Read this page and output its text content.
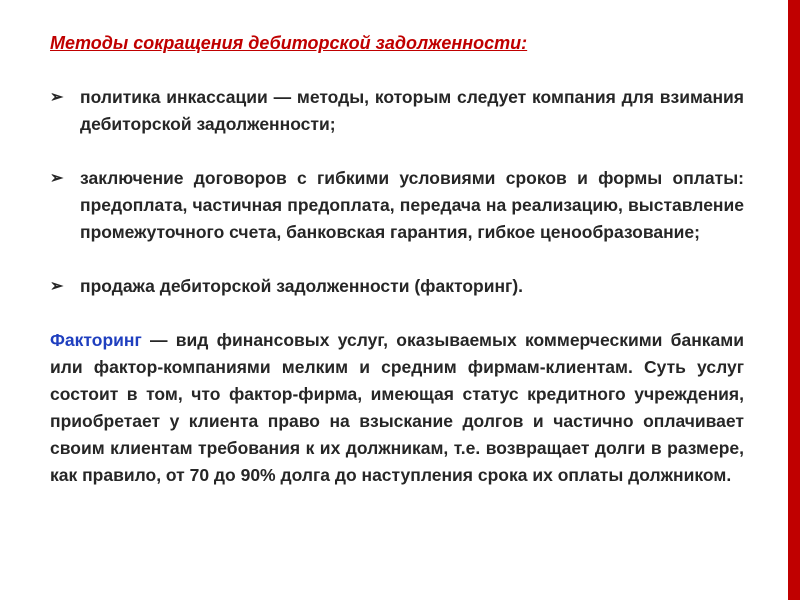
Методы сокращения дебиторской задолженности:

➢ политика инкассации — методы, которым следует компания для взимания дебиторской задолженности;
➢ заключение договоров с гибкими условиями сроков и формы оплаты: предоплата, частичная предоплата, передача на реализацию, выставление промежуточного счета, банковская гарантия, гибкое ценообразование;
➢ продажа дебиторской задолженности (факторинг).

Факторинг — вид финансовых услуг, оказываемых коммерческими банками или фактор-компаниями мелким и средним фирмам-клиентам. Суть услуг состоит в том, что фактор-фирма, имеющая статус кредитного учреждения, приобретает у клиента право на взыскание долгов и частично оплачивает своим клиентам требования к их должникам, т.е. возвращает долги в размере, как правило, от 70 до 90% долга до наступления срока их оплаты должником.
